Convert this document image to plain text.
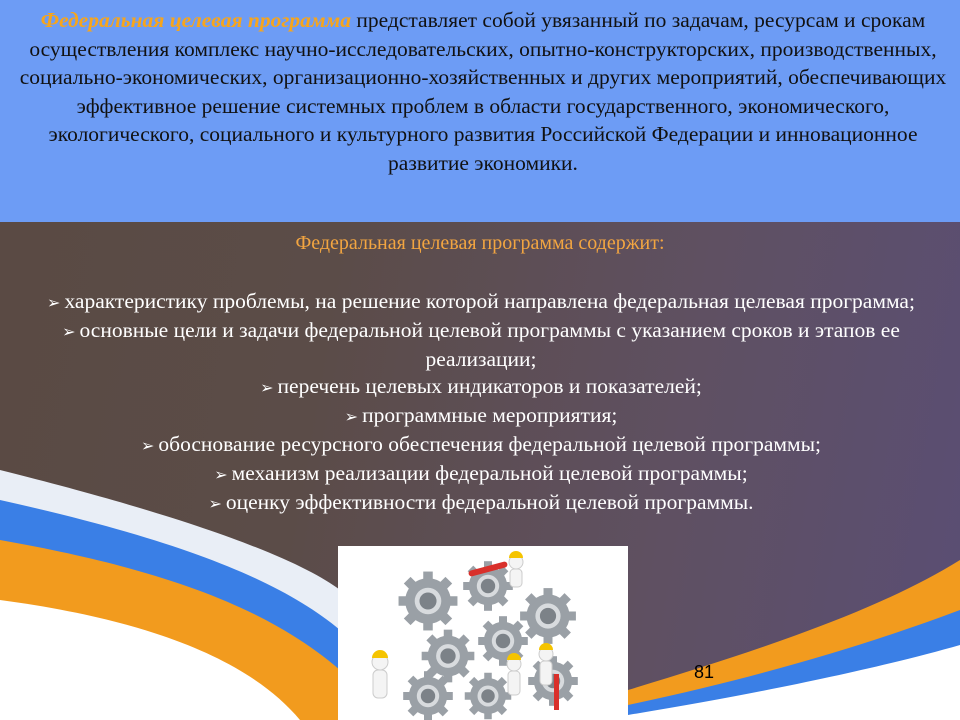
Федеральная целевая программа представляет собой увязанный по задачам, ресурсам и срокам осуществления комплекс научно-исследовательских, опытно-конструкторских, производственных, социально-экономических, организационно-хозяйственных и других мероприятий, обеспечивающих эффективное решение системных проблем в области государственного, экономического, экологического, социального и культурного развития Российской Федерации и инновационное развитие экономики.
Федеральная целевая программа содержит:
➢ характеристику проблемы, на решение которой направлена федеральная целевая программа;
➢ основные цели и задачи федеральной целевой программы с указанием сроков и этапов ее реализации;
➢ перечень целевых индикаторов и показателей;
➢ программные мероприятия;
➢ обоснование ресурсного обеспечения федеральной целевой программы;
➢ механизм реализации федеральной целевой программы;
➢ оценку эффективности федеральной целевой программы.
81
fppt.com
